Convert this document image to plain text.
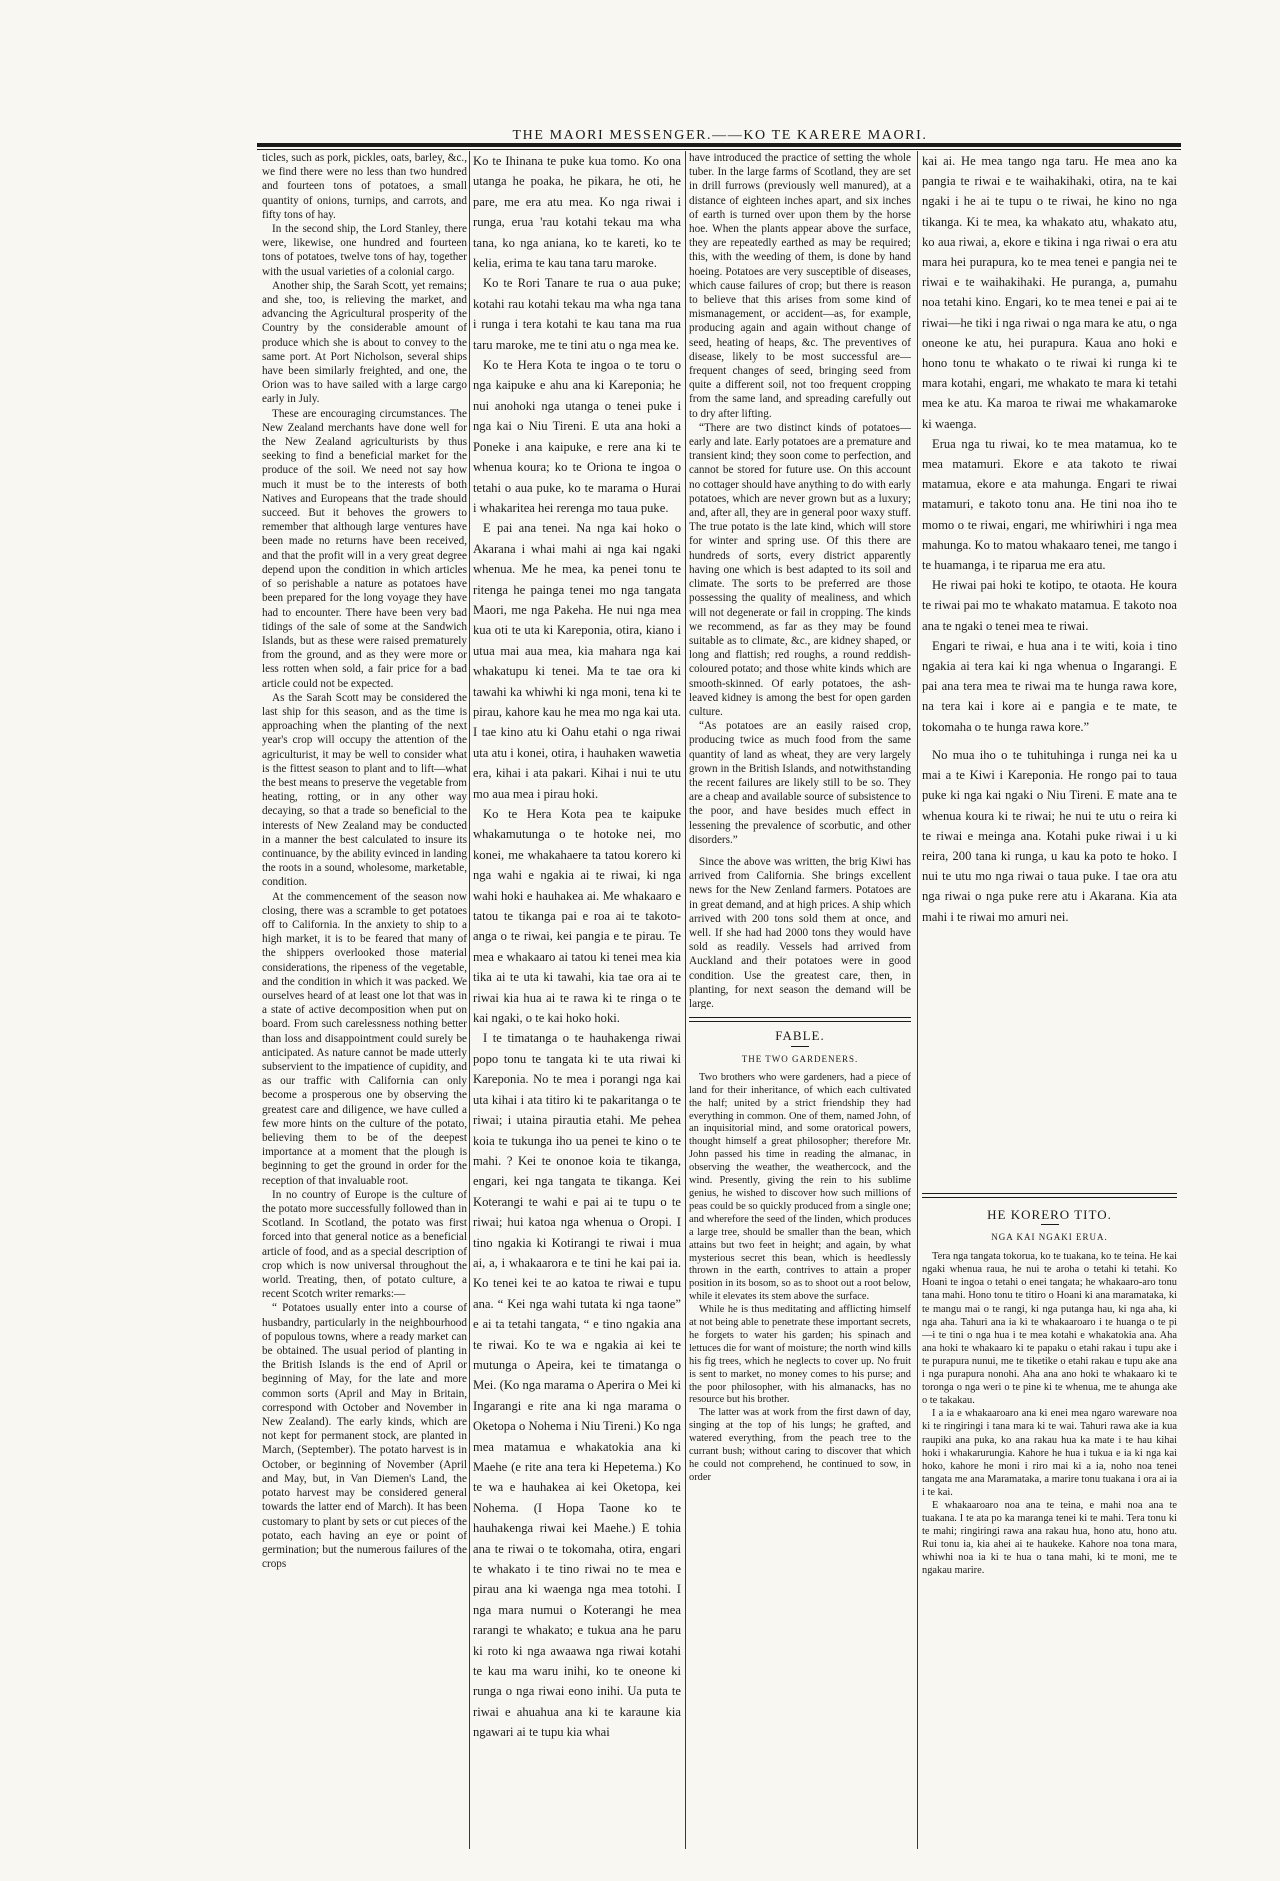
THE MAORI MESSENGER.——KO TE KARERE MAORI.

ticles, such as pork, pickles, oats, barley, &c., we find there were no less than two hundred and fourteen tons of potatoes, a small quantity of onions, turnips, and carrots, and fifty tons of hay.

In the second ship, the Lord Stanley, there were, likewise, one hundred and fourteen tons of potatoes, twelve tons of hay, together with the usual varieties of a colonial cargo.

Another ship, the Sarah Scott, yet remains; and she, too, is relieving the market, and advancing the Agricultural prosperity of the Country by the considerable amount of produce which she is about to convey to the same port. At Port Nicholson, several ships have been similarly freighted, and one, the Orion was to have sailed with a large cargo early in July.

These are encouraging circumstances. The New Zealand merchants have done well for the New Zealand agriculturists by thus seeking to find a beneficial market for the produce of the soil. We need not say how much it must be to the interests of both Natives and Europeans that the trade should succeed. But it behoves the growers to remember that although large ventures have been made no returns have been received, and that the profit will in a very great degree depend upon the condition in which articles of so perishable a nature as potatoes have been prepared for the long voyage they have had to encounter. There have been very bad tidings of the sale of some at the Sandwich Islands, but as these were raised prematurely from the ground, and as they were more or less rotten when sold, a fair price for a bad article could not be expected.

As the Sarah Scott may be considered the last ship for this season, and as the time is approaching when the planting of the next year's crop will occupy the attention of the agriculturist, it may be well to consider what is the fittest season to plant and to lift—what the best means to preserve the vegetable from heating, rotting, or in any other way decaying, so that a trade so beneficial to the interests of New Zealand may be conducted in a manner the best calculated to insure its continuance, by the ability evinced in landing the roots in a sound, wholesome, marketable, condition.

At the commencement of the season now closing, there was a scramble to get potatoes off to California. In the anxiety to ship to a high market, it is to be feared that many of the shippers overlooked those material considerations, the ripeness of the vegetable, and the condition in which it was packed. We ourselves heard of at least one lot that was in a state of active decomposition when put on board. From such carelessness nothing better than loss and disappointment could surely be anticipated. As nature cannot be made utterly subservient to the impatience of cupidity, and as our traffic with California can only become a prosperous one by observing the greatest care and diligence, we have culled a few more hints on the culture of the potato, believing them to be of the deepest importance at a moment that the plough is beginning to get the ground in order for the reception of that invaluable root.

In no country of Europe is the culture of the potato more successfully followed than in Scotland. In Scotland, the potato was first forced into that general notice as a beneficial article of food, and as a special description of crop which is now universal throughout the world. Treating, then, of potato culture, a recent Scotch writer remarks:—

“ Potatoes usually enter into a course of husbandry, particularly in the neighbourhood of populous towns, where a ready market can be obtained. The usual period of planting in the British Islands is the end of April or beginning of May, for the late and more common sorts (April and May in Britain, correspond with October and November in New Zealand). The early kinds, which are not kept for permanent stock, are planted in March, (September). The potato harvest is in October, or beginning of November (April and May, but, in Van Diemen's Land, the potato harvest may be considered general towards the latter end of March). It has been customary to plant by sets or cut pieces of the potato, each having an eye or point of germination; but the numerous failures of the crops

Ko te Ihinana te puke kua tomo. Ko ona utanga he poaka, he pikara, he oti, he pare, me era atu mea. Ko nga riwai i runga, erua 'rau kotahi tekau ma wha tana, ko nga aniana, ko te kareti, ko te kelia, erima te kau tana taru maroke.

Ko te Rori Tanare te rua o aua puke; kotahi rau kotahi tekau ma wha nga tana i runga i tera kotahi te kau tana ma rua taru maroke, me te tini atu o nga mea ke.

Ko te Hera Kota te ingoa o te toru o nga kaipuke e ahu ana ki Kareponia; he nui anohoki nga utanga o tenei puke i nga kai o Niu Tireni. E uta ana hoki a Poneke i ana kaipuke, e rere ana ki te whenua koura; ko te Oriona te ingoa o tetahi o aua puke, ko te marama o Hurai i whakaritea hei rerenga mo taua puke.

E pai ana tenei. Na nga kai hoko o Akarana i whai mahi ai nga kai ngaki whenua. Me he mea, ka penei tonu te ritenga he painga tenei mo nga tangata Maori, me nga Pakeha. He nui nga mea kua oti te uta ki Kareponia, otira, kiano i utua mai aua mea, kia mahara nga kai whakatupu ki tenei. Ma te tae ora ki tawahi ka whiwhi ki nga moni, tena ki te pirau, kahore kau he mea mo nga kai uta. I tae kino atu ki Oahu etahi o nga riwai uta atu i konei, otira, i hauhaken wawetia era, kihai i ata pakari. Kihai i nui te utu mo aua mea i pirau hoki.

Ko te Hera Kota pea te kaipuke whakamutunga o te hotoke nei, mo konei, me whakahaere ta tatou korero ki nga wahi e ngakia ai te riwai, ki nga wahi hoki e hauhakea ai. Me whakaaro e tatou te tikanga pai e roa ai te takoto-anga o te riwai, kei pangia e te pirau. Te mea e whakaaro ai tatou ki tenei mea kia tika ai te uta ki tawahi, kia tae ora ai te riwai kia hua ai te rawa ki te ringa o te kai ngaki, o te kai hoko hoki.

I te timatanga o te hauhakenga riwai popo tonu te tangata ki te uta riwai ki Kareponia. No te mea i porangi nga kai uta kihai i ata titiro ki te pakaritanga o te riwai; i utaina pirautia etahi. Me pehea koia te tukunga iho ua penei te kino o te mahi. ? Kei te ononoe koia te tikanga, engari, kei nga tangata te tikanga. Kei Koterangi te wahi e pai ai te tupu o te riwai; hui katoa nga whenua o Oropi. I tino ngakia ki Kotirangi te riwai i mua ai, a, i whakaarora e te tini he kai pai ia. Ko tenei kei te ao katoa te riwai e tupu ana. “ Kei nga wahi tutata ki nga taone” e ai ta tetahi tangata, “ e tino ngakia ana te riwai. Ko te wa e ngakia ai kei te mutunga o Apeira, kei te timatanga o Mei. (Ko nga marama o Aperira o Mei ki Ingarangi e rite ana ki nga marama o Oketopa o Nohema i Niu Tireni.) Ko nga mea matamua e whakatokia ana ki Maehe (e rite ana tera ki Hepetema.) Ko te wa e hauhakea ai kei Oketopa, kei Nohema. (I Hopa Taone ko te hauhakenga riwai kei Maehe.) E tohia ana te riwai o te tokomaha, otira, engari te whakato i te tino riwai no te mea e pirau ana ki waenga nga mea totohi. I nga mara numui o Koterangi he mea rarangi te whakato; e tukua ana he paru ki roto ki nga awaawa nga riwai kotahi te kau ma waru inihi, ko te oneone ki runga o nga riwai eono inihi. Ua puta te riwai e ahuahua ana ki te karaune kia ngawari ai te tupu kia whai

have introduced the practice of setting the whole tuber. In the large farms of Scotland, they are set in drill furrows (previously well manured), at a distance of eighteen inches apart, and six inches of earth is turned over upon them by the horse hoe. When the plants appear above the surface, they are repeatedly earthed as may be required; this, with the weeding of them, is done by hand hoeing. Potatoes are very susceptible of diseases, which cause failures of crop; but there is reason to believe that this arises from some kind of mismanagement, or accident—as, for example, producing again and again without change of seed, heating of heaps, &c. The preventives of disease, likely to be most successful are—frequent changes of seed, bringing seed from quite a different soil, not too frequent cropping from the same land, and spreading carefully out to dry after lifting.

“There are two distinct kinds of potatoes—early and late. Early potatoes are a premature and transient kind; they soon come to perfection, and cannot be stored for future use. On this account no cottager should have anything to do with early potatoes, which are never grown but as a luxury; and, after all, they are in general poor waxy stuff. The true potato is the late kind, which will store for winter and spring use. Of this there are hundreds of sorts, every district apparently having one which is best adapted to its soil and climate. The sorts to be preferred are those possessing the quality of mealiness, and which will not degenerate or fail in cropping. The kinds we recommend, as far as they may be found suitable as to climate, &c., are kidney shaped, or long and flattish; red roughs, a round reddish-coloured potato; and those white kinds which are smooth-skinned. Of early potatoes, the ash-leaved kidney is among the best for open garden culture.

“As potatoes are an easily raised crop, producing twice as much food from the same quantity of land as wheat, they are very largely grown in the British Islands, and notwithstanding the recent failures are likely still to be so. They are a cheap and available source of subsistence to the poor, and have besides much effect in lessening the prevalence of scorbutic, and other disorders.”

Since the above was written, the brig Kiwi has arrived from California. She brings excellent news for the New Zenland farmers. Potatoes are in great demand, and at high prices. A ship which arrived with 200 tons sold them at once, and well. If she had had 2000 tons they would have sold as readily. Vessels had arrived from Auckland and their potatoes were in good condition. Use the greatest care, then, in planting, for next season the demand will be large.

kai ai. He mea tango nga taru. He mea ano ka pangia te riwai e te waihakihaki, otira, na te kai ngaki i he ai te tupu o te riwai, he kino no nga tikanga. Ki te mea, ka whakato atu, whakato atu, ko aua riwai, a, ekore e tikina i nga riwai o era atu mara hei purapura, ko te mea tenei e pangia nei te riwai e te waihakihaki. He puranga, a, pumahu noa tetahi kino. Engari, ko te mea tenei e pai ai te riwai—he tiki i nga riwai o nga mara ke atu, o nga oneone ke atu, hei purapura. Kaua ano hoki e hono tonu te whakato o te riwai ki runga ki te mara kotahi, engari, me whakato te mara ki tetahi mea ke atu. Ka maroa te riwai me whakamaroke ki waenga.

Erua nga tu riwai, ko te mea matamua, ko te mea matamuri. Ekore e ata takoto te riwai matamua, ekore e ata mahunga. Engari te riwai matamuri, e takoto tonu ana. He tini noa iho te momo o te riwai, engari, me whiriwhiri i nga mea mahunga. Ko to matou whakaaro tenei, me tango i te huamanga, i te riparua me era atu.

He riwai pai hoki te kotipo, te otaota. He koura te riwai pai mo te whakato matamua. E takoto noa ana te ngaki o tenei mea te riwai.

Engari te riwai, e hua ana i te witi, koia i tino ngakia ai tera kai ki nga whenua o Ingarangi. E pai ana tera mea te riwai ma te hunga rawa kore, na tera kai i kore ai e pangia e te mate, te tokomaha o te hunga rawa kore.”

No mua iho o te tuhituhinga i runga nei ka u mai a te Kiwi i Kareponia. He rongo pai to taua puke ki nga kai ngaki o Niu Tireni. E mate ana te whenua koura ki te riwai; he nui te utu o reira ki te riwai e meinga ana. Kotahi puke riwai i u ki reira, 200 tana ki runga, u kau ka poto te hoko. I nui te utu mo nga riwai o taua puke. I tae ora atu nga riwai o nga puke rere atu i Akarana. Kia ata mahi i te riwai mo amuri nei.

FABLE.
THE TWO GARDENERS.

Two brothers who were gardeners, had a piece of land for their inheritance, of which each cultivated the half; united by a strict friendship they had everything in common. One of them, named John, of an inquisitorial mind, and some oratorical powers, thought himself a great philosopher; therefore Mr. John passed his time in reading the almanac, in observing the weather, the weathercock, and the wind. Presently, giving the rein to his sublime genius, he wished to discover how such millions of peas could be so quickly produced from a single one; and wherefore the seed of the linden, which produces a large tree, should be smaller than the bean, which attains but two feet in height; and again, by what mysterious secret this bean, which is heedlessly thrown in the earth, contrives to attain a proper position in its bosom, so as to shoot out a root below, while it elevates its stem above the surface.

While he is thus meditating and afflicting himself at not being able to penetrate these important secrets, he forgets to water his garden; his spinach and lettuces die for want of moisture; the north wind kills his fig trees, which he neglects to cover up. No fruit is sent to market, no money comes to his purse; and the poor philosopher, with his almanacks, has no resource but his brother.

The latter was at work from the first dawn of day, singing at the top of his lungs; he grafted, and watered everything, from the peach tree to the currant bush; without caring to discover that which he could not comprehend, he continued to sow, in order

HE KORERO TITO.
NGA KAI NGAKI ERUA.

Tera nga tangata tokorua, ko te tuakana, ko te teina. He kai ngaki whenua raua, he nui te aroha o tetahi ki tetahi. Ko Hoani te ingoa o tetahi o enei tangata; he whakaaro-aro tonu tana mahi. Hono tonu te titiro o Hoani ki ana maramataka, ki te mangu mai o te rangi, ki nga putanga hau, ki nga aha, ki nga aha. Tahuri ana ia ki te whakaaroaro i te huanga o te pi—i te tini o nga hua i te mea kotahi e whakatokia ana. Aha ana hoki te whakaaro ki te papaku o etahi rakau i tupu ake i te purapura nunui, me te tiketike o etahi rakau e tupu ake ana i nga purapura nonohi. Aha ana ano hoki te whakaaro ki te toronga o nga weri o te pine ki te whenua, me te ahunga ake o te takakau.

I a ia e whakaaroaro ana ki enei mea ngaro wareware noa ki te ringiringi i tana mara ki te wai. Tahuri rawa ake ia kua raupiki ana puka, ko ana rakau hua ka mate i te hau kihai hoki i whakarurungia. Kahore he hua i tukua e ia ki nga kai hoko, kahore he moni i riro mai ki a ia, noho noa tenei tangata me ana Maramataka, a marire tonu tuakana i ora ai ia i te kai.

E whakaaroaro noa ana te teina, e mahi noa ana te tuakana. I te ata po ka maranga tenei ki te mahi. Tera tonu ki te mahi; ringiringi rawa ana rakau hua, hono atu, hono atu. Rui tonu ia, kia ahei ai te haukeke. Kahore noa tona mara, whiwhi noa ia ki te hua o tana mahi, ki te moni, me te ngakau marire.
